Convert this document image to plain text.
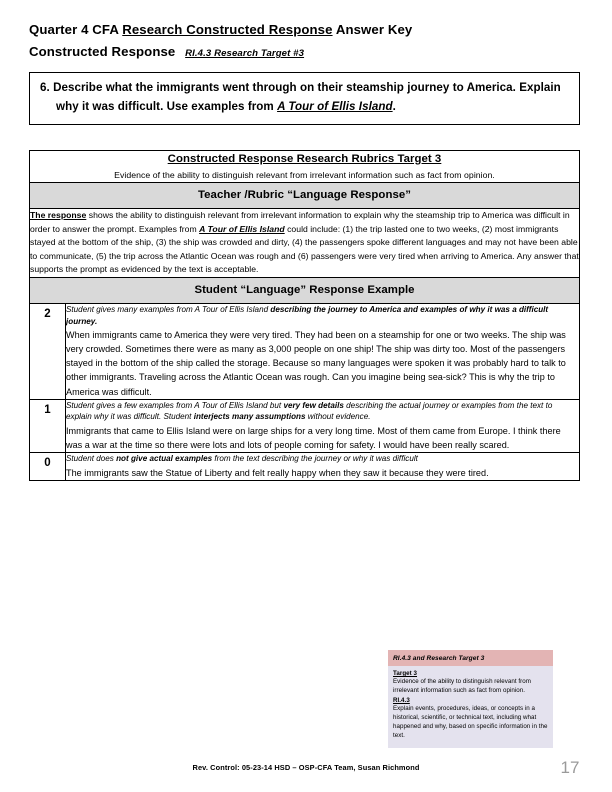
Quarter 4 CFA Research Constructed Response Answer Key
Constructed Response RI.4.3 Research Target #3
6. Describe what the immigrants went through on their steamship journey to America. Explain why it was difficult. Use examples from A Tour of Ellis Island.
Constructed Response Research Rubrics Target 3
Evidence of the ability to distinguish relevant from irrelevant information such as fact from opinion.	

Teacher /Rubric “Language Response”	

The response shows the ability to distinguish relevant from irrelevant information to explain why the steamship trip to America was difficult in order to answer the prompt. Examples from A Tour of Ellis Island could include: (1) the trip lasted one to two weeks, (2) most immigrants stayed at the bottom of the ship, (3) the ship was crowded and dirty, (4) the passengers spoke different languages and may not have been able to communicate, (5) the trip across the Atlantic Ocean was rough and (6) passengers were very tired when arriving to America. Any answer that supports the prompt as evidenced by the text is acceptable.	

Student “Language” Response Example	

2	Student gives many examples from A Tour of Ellis Island describing the journey to America and examples of why it was a difficult journey.
When immigrants came to America they were very tired. They had been on a steamship for one or two weeks. The ship was very crowded. Sometimes there were as many as 3,000 people on one ship! The ship was dirty too. Most of the passengers stayed in the bottom of the ship called the storage. Because so many languages were spoken it was probably hard to talk to other immigrants. Traveling across the Atlantic Ocean was rough. Can you imagine being sea-sick? This is why the trip to America was difficult.

1	Student gives a few examples from A Tour of Ellis Island but very few details describing the actual journey or examples from the text to explain why it was difficult. Student interjects many assumptions without evidence.
Immigrants that came to Ellis Island were on large ships for a very long time. Most of them came from Europe. I think there was a war at the time so there were lots and lots of people coming for safety. I would have been really scared.

0	Student does not give actual examples from the text describing the journey or why it was difficult
The immigrants saw the Statue of Liberty and felt really happy when they saw it because they were tired.
RI.4.3 and Research Target 3
Target 3
Evidence of the ability to distinguish relevant from irrelevant information such as fact from opinion.
RI.4.3
Explain events, procedures, ideas, or concepts in a historical, scientific, or technical text, including what happened and why, based on specific information in the text.
Rev. Control: 05-23-14 HSD – OSP-CFA Team, Susan Richmond	17
